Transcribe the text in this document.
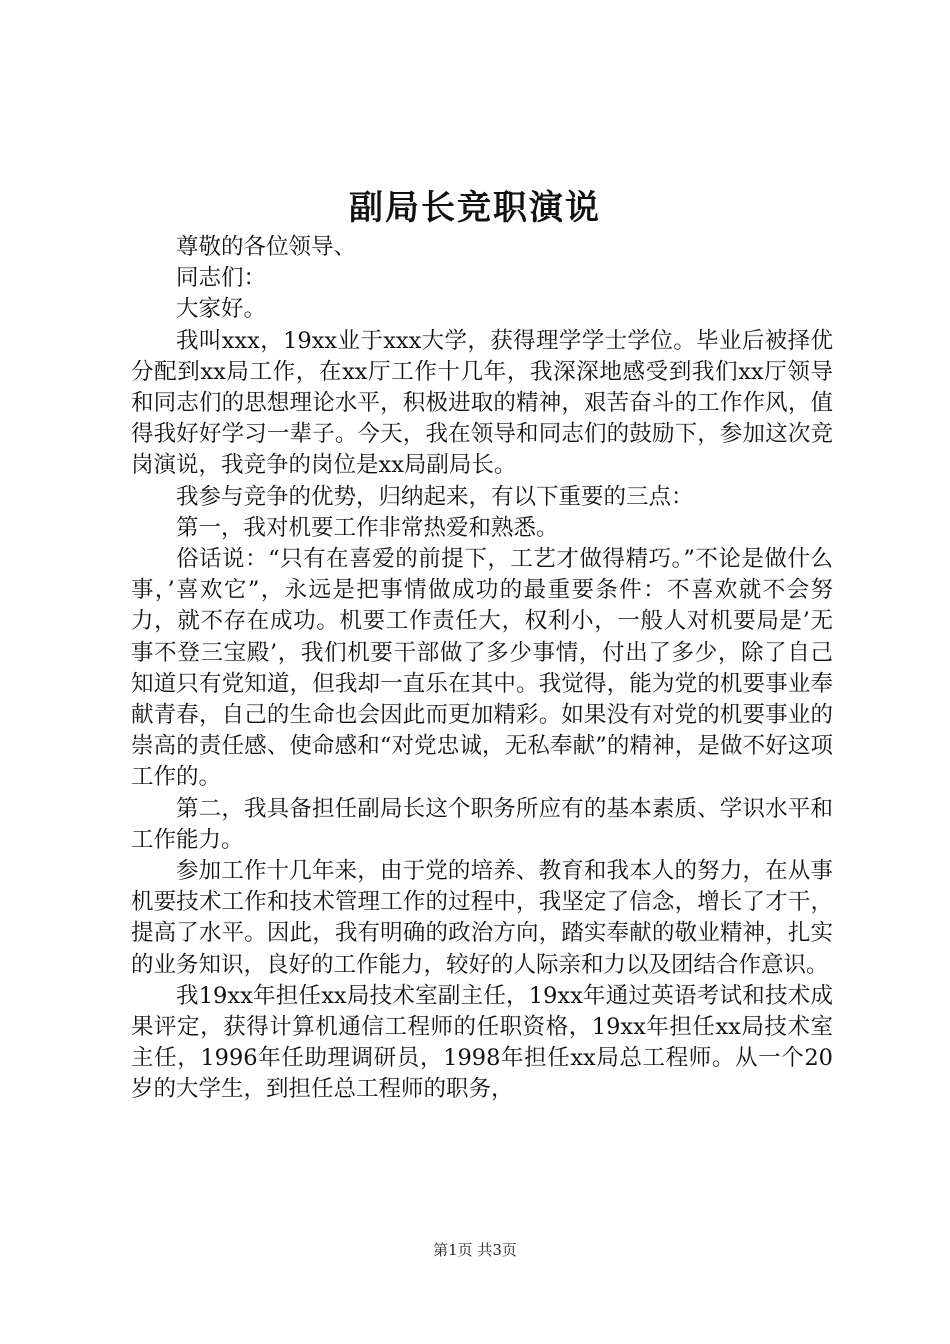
副局长竞职演说

尊敬的各位领导、

同志们：

大家好。

我叫xxx，19xx业于xxx大学，获得理学学士学位。毕业后被择优分配到xx局工作，在xx厅工作十几年，我深深地感受到我们xx厅领导和同志们的思想理论水平，积极进取的精神，艰苦奋斗的工作作风，值得我好好学习一辈子。今天，我在领导和同志们的鼓励下，参加这次竞岗演说，我竞争的岗位是xx局副局长。

我参与竞争的优势，归纳起来，有以下重要的三点：

第一，我对机要工作非常热爱和熟悉。

俗话说：“只有在喜爱的前提下，工艺才做得精巧。”不论是做什么事，’喜欢它”，永远是把事情做成功的最重要条件：不喜欢就不会努力，就不存在成功。机要工作责任大，权利小，一般人对机要局是’无事不登三宝殿’，我们机要干部做了多少事情，付出了多少，除了自己知道只有党知道，但我却一直乐在其中。我觉得，能为党的机要事业奉献青春，自己的生命也会因此而更加精彩。如果没有对党的机要事业的崇高的责任感、使命感和“对党忠诚，无私奉献”的精神，是做不好这项工作的。

第二，我具备担任副局长这个职务所应有的基本素质、学识水平和工作能力。

参加工作十几年来，由于党的培养、教育和我本人的努力，在从事机要技术工作和技术管理工作的过程中，我坚定了信念，增长了才干，提高了水平。因此，我有明确的政治方向，踏实奉献的敬业精神，扎实的业务知识，良好的工作能力，较好的人际亲和力以及团结合作意识。

我19xx年担任xx局技术室副主任，19xx年通过英语考试和技术成果评定，获得计算机通信工程师的任职资格，19xx年担任xx局技术室主任，1996年任助理调研员，1998年担任xx局总工程师。从一个20岁的大学生，到担任总工程师的职务，

第1页 共3页
